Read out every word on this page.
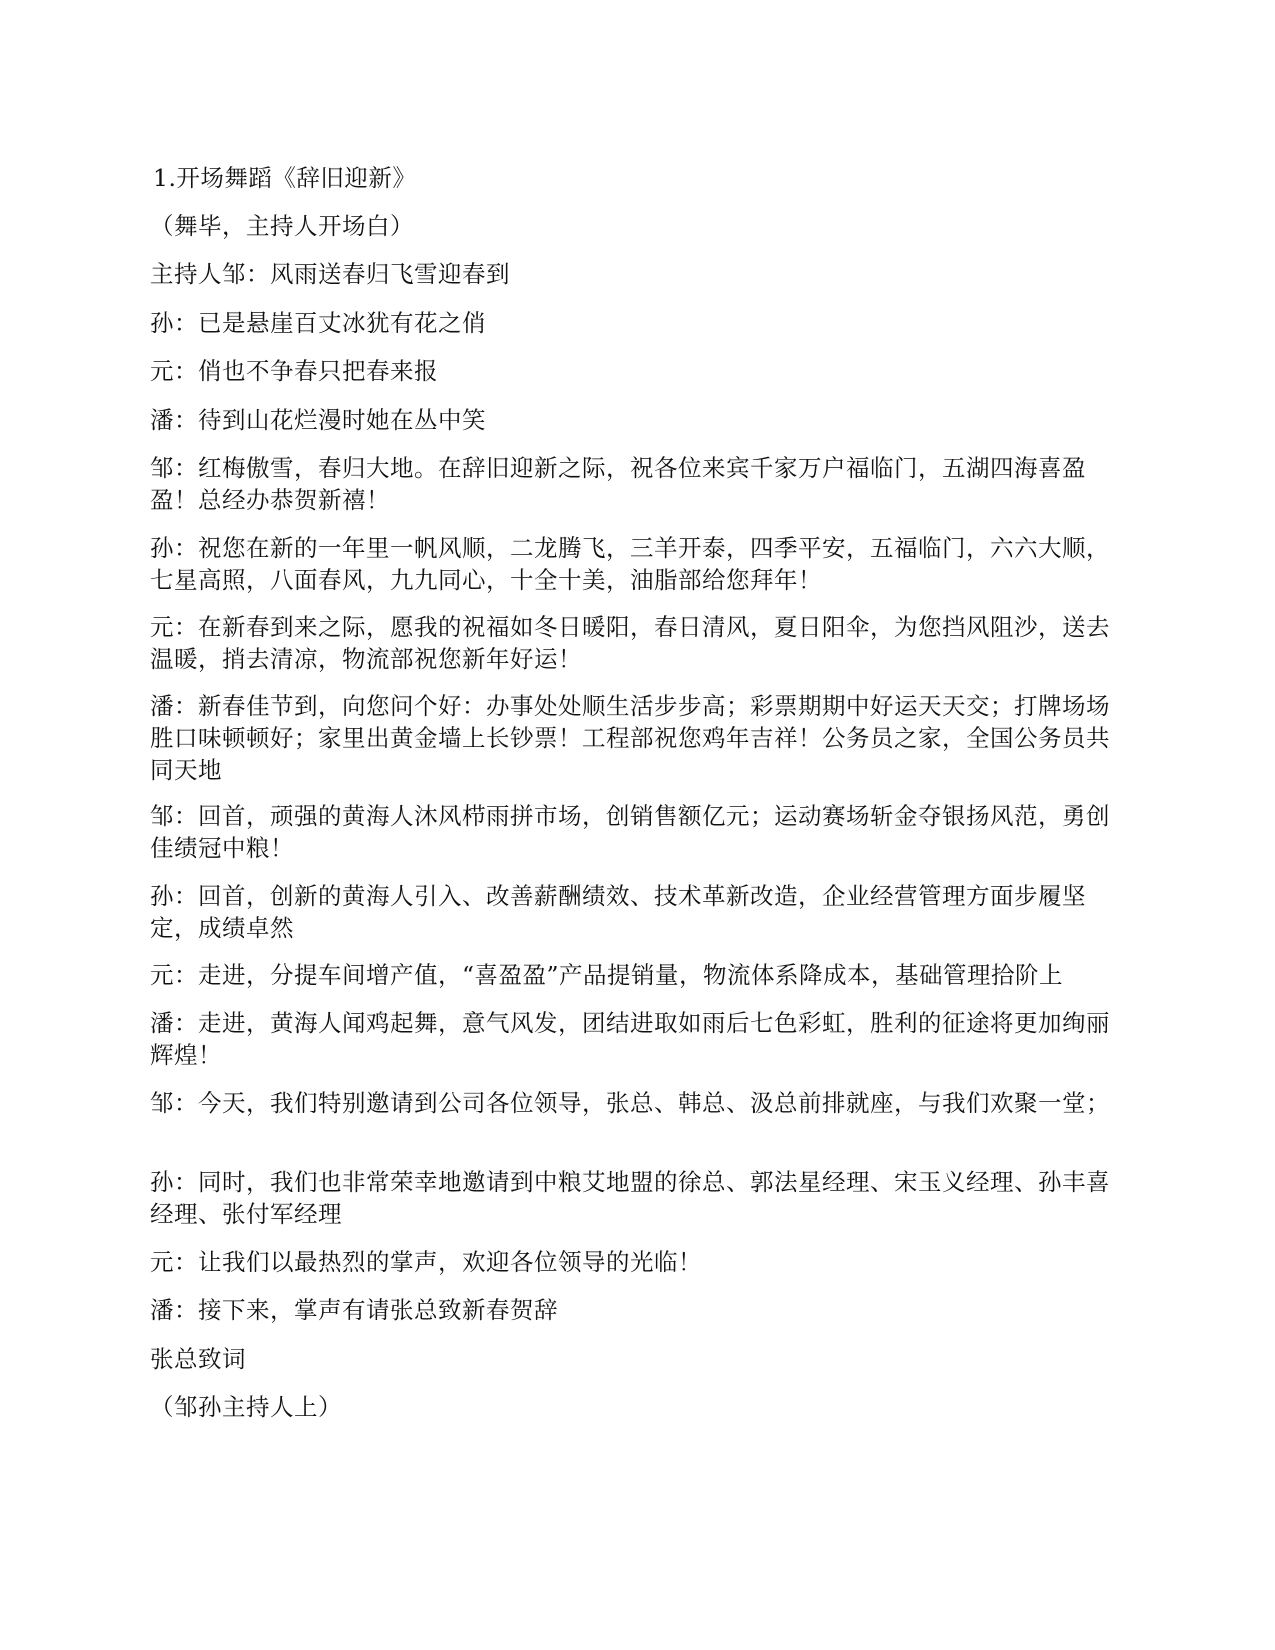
1.开场舞蹈《辞旧迎新》
（舞毕，主持人开场白）
主持人邹：风雨送春归飞雪迎春到
孙：已是悬崖百丈冰犹有花之俏
元：俏也不争春只把春来报
潘：待到山花烂漫时她在丛中笑
邹：红梅傲雪，春归大地。在辞旧迎新之际，祝各位来宾千家万户福临门，五湖四海喜盈盈！总经办恭贺新禧！
孙：祝您在新的一年里一帆风顺，二龙腾飞，三羊开泰，四季平安，五福临门，六六大顺，七星高照，八面春风，九九同心，十全十美，油脂部给您拜年！
元：在新春到来之际，愿我的祝福如冬日暖阳，春日清风，夏日阳伞，为您挡风阻沙，送去温暖，捎去清凉，物流部祝您新年好运！
潘：新春佳节到，向您问个好：办事处处顺生活步步高；彩票期期中好运天天交；打牌场场胜口味顿顿好；家里出黄金墙上长钞票！工程部祝您鸡年吉祥！公务员之家，全国公务员共同天地
邹：回首，顽强的黄海人沐风栉雨拼市场，创销售额亿元；运动赛场斩金夺银扬风范，勇创佳绩冠中粮！
孙：回首，创新的黄海人引入、改善薪酬绩效、技术革新改造，企业经营管理方面步履坚定，成绩卓然
元：走进，分提车间增产值，“喜盈盈”产品提销量，物流体系降成本，基础管理拾阶上
潘：走进，黄海人闻鸡起舞，意气风发，团结进取如雨后七色彩虹，胜利的征途将更加绚丽辉煌！
邹：今天，我们特别邀请到公司各位领导，张总、韩总、汲总前排就座，与我们欢聚一堂；
孙：同时，我们也非常荣幸地邀请到中粮艾地盟的徐总、郭法星经理、宋玉义经理、孙丰喜经理、张付军经理
元：让我们以最热烈的掌声，欢迎各位领导的光临！
潘：接下来，掌声有请张总致新春贺辞
张总致词
（邹孙主持人上）
